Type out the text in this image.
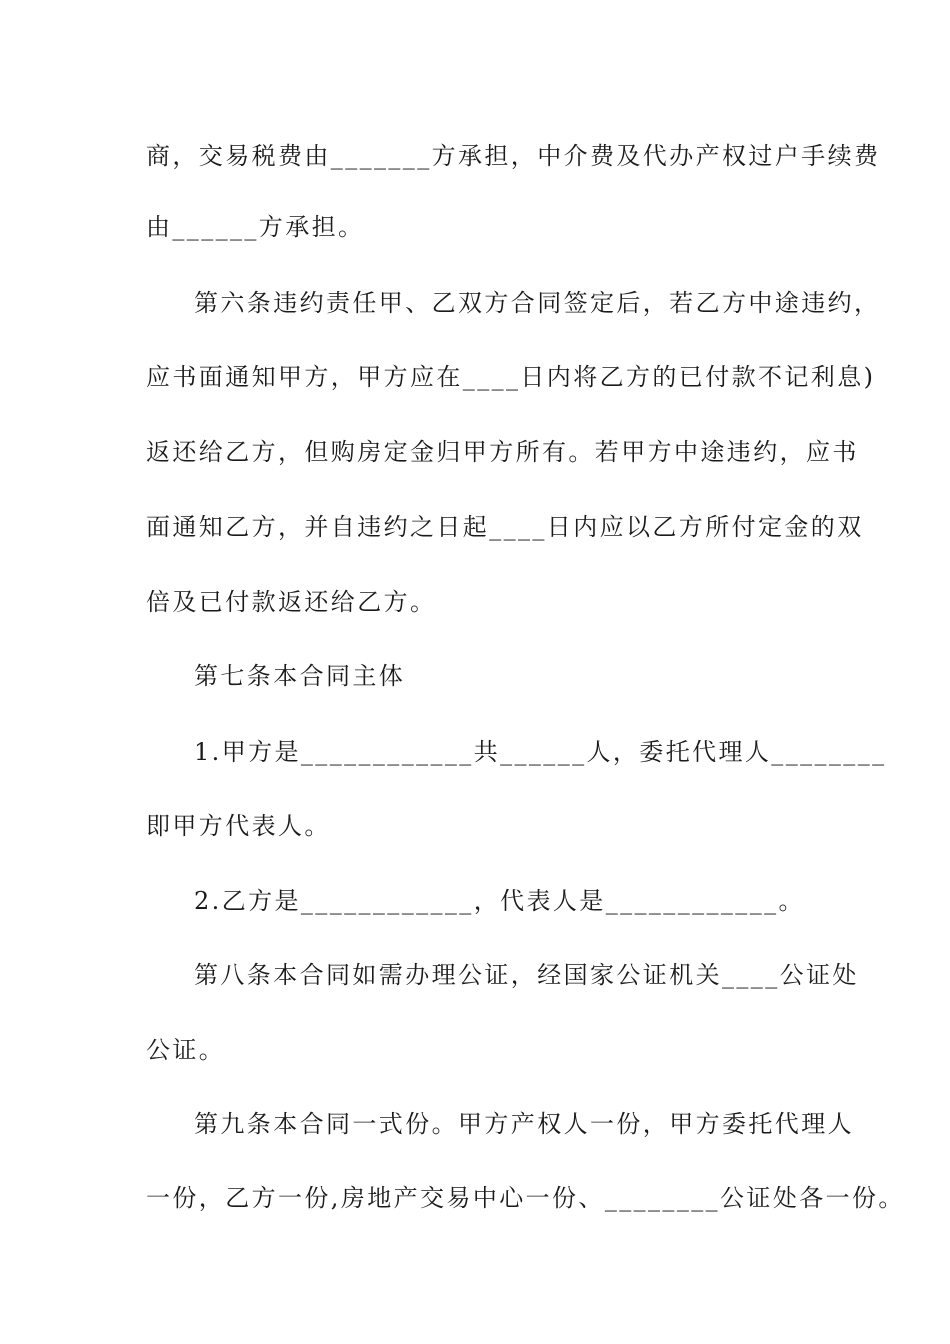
商，交易税费由_______方承担，中介费及代办产权过户手续费
由______方承担。
第六条违约责任甲、乙双方合同签定后，若乙方中途违约，
应书面通知甲方，甲方应在____日内将乙方的已付款不记利息)
返还给乙方，但购房定金归甲方所有。若甲方中途违约，应书
面通知乙方，并自违约之日起____日内应以乙方所付定金的双
倍及已付款返还给乙方。
第七条本合同主体
1.甲方是____________共______人，委托代理人________
即甲方代表人。
2.乙方是____________，代表人是____________。
第八条本合同如需办理公证，经国家公证机关____公证处
公证。
第九条本合同一式份。甲方产权人一份，甲方委托代理人
一份，乙方一份,房地产交易中心一份、________公证处各一份。
